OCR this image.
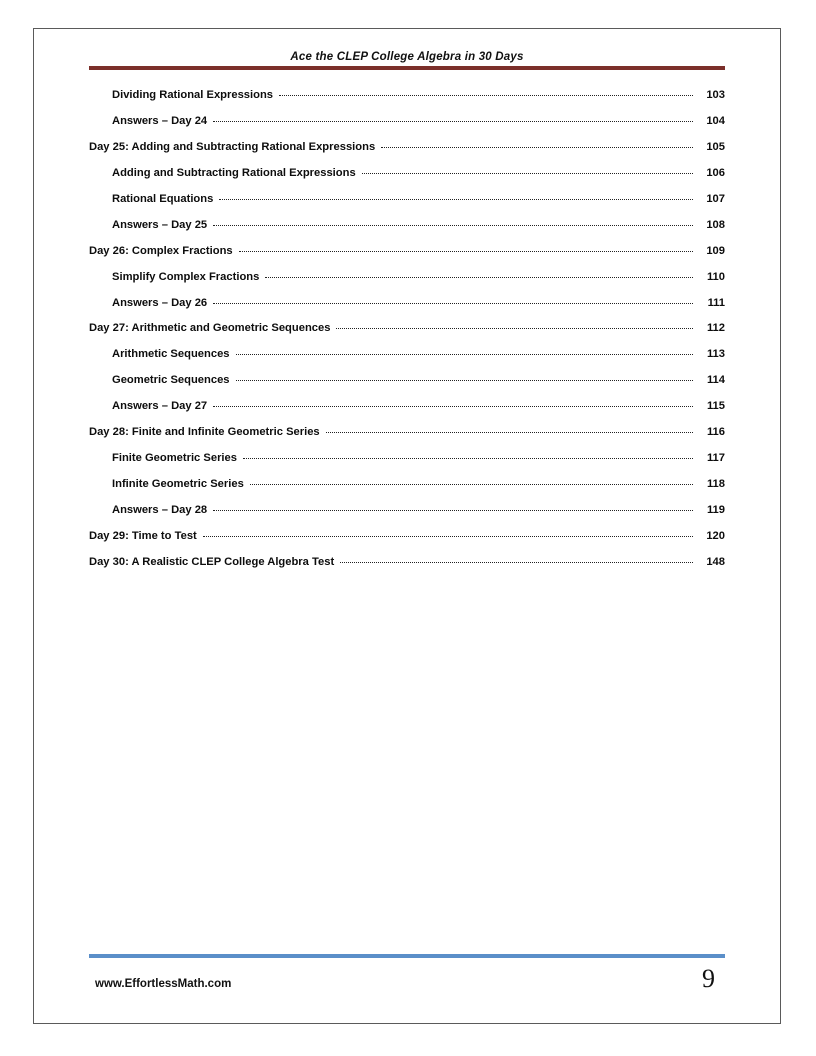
Ace the CLEP College Algebra in 30 Days
Dividing Rational Expressions	103
Answers – Day 24	104
Day 25: Adding and Subtracting Rational Expressions	105
Adding and Subtracting Rational Expressions	106
Rational Equations	107
Answers – Day 25	108
Day 26: Complex Fractions	109
Simplify Complex Fractions	110
Answers – Day 26	111
Day 27: Arithmetic and Geometric Sequences	112
Arithmetic Sequences	113
Geometric Sequences	114
Answers – Day 27	115
Day 28: Finite and Infinite Geometric Series	116
Finite Geometric Series	117
Infinite Geometric Series	118
Answers – Day 28	119
Day 29: Time to Test	120
Day 30: A Realistic CLEP College Algebra Test	148
www.EffortlessMath.com	9
